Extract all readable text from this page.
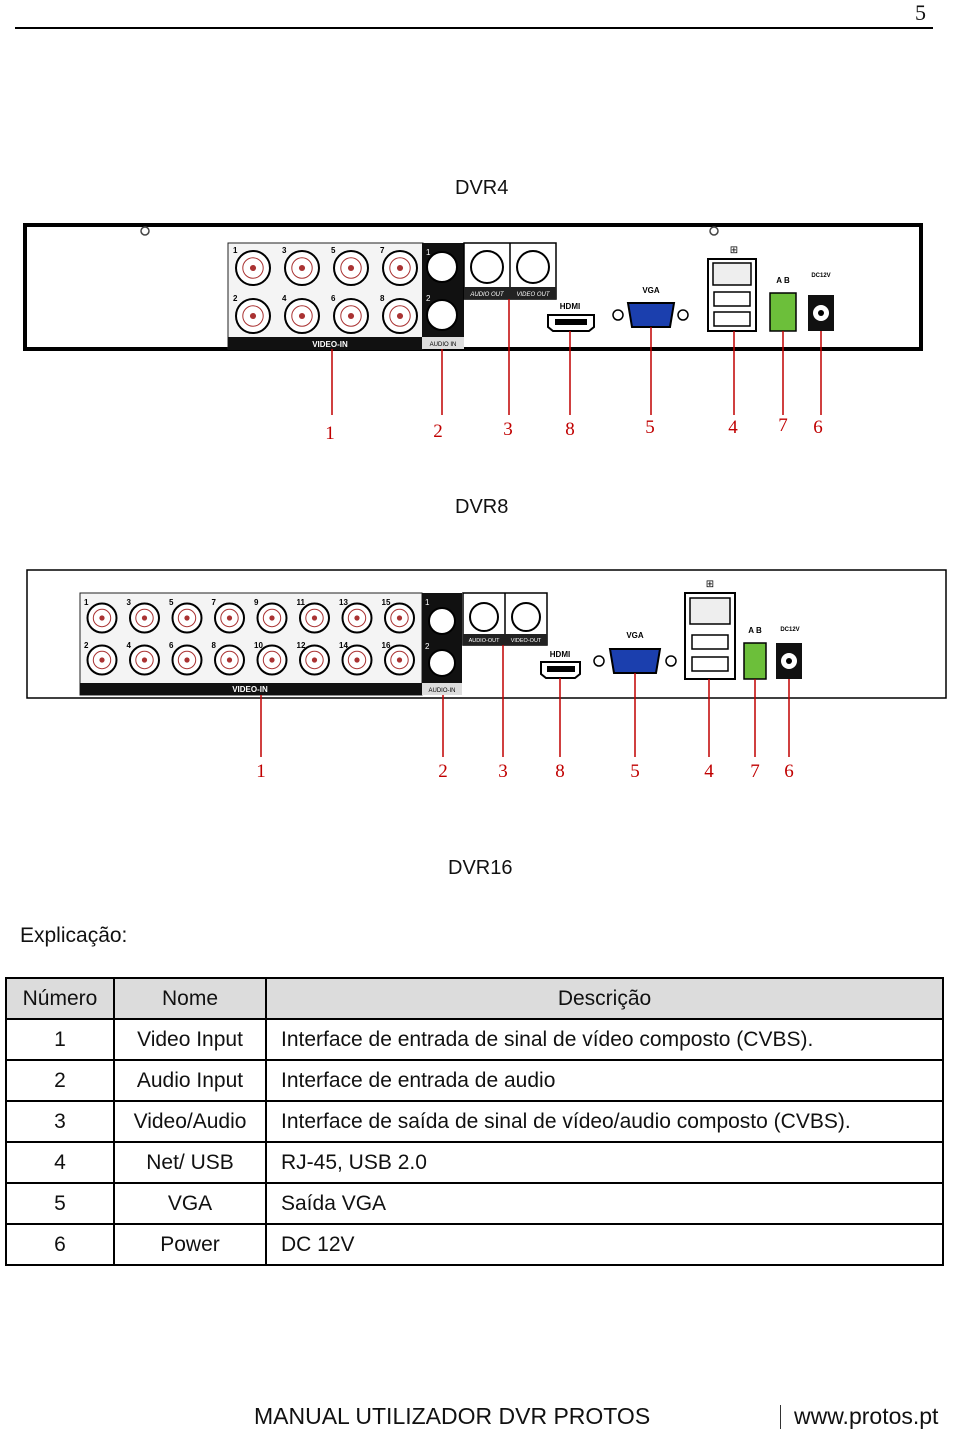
5
DVR4
VIDEO-IN
1
2
3
4
5
6
7
8
1
2
AUDIO IN
AUDIO OUT VIDEO OUT
HDMI
VGA
⊞
A B	DC12V
1	2	3	8	5	4 7 6
DVR8
VIDEO-IN
1
2
3
4
5
6
7
8
9
10
11
12
13
14
15
16
1
2
AUDIO-IN
AUDIO-OUT VIDEO-OUT
HDMI
VGA
⊞
A B	DC12V
1	2	3	8	5	4 7 6
DVR16
Explicação:
Número	Nome	Descrição
1	Video Input	Interface de entrada de sinal de vídeo composto (CVBS).
2	Audio Input	Interface de entrada de audio
3	Video/Audio	Interface de saída de sinal de vídeo/audio composto (CVBS).
4	Net/ USB	RJ-45, USB 2.0
5	VGA	Saída VGA
6	Power	DC 12V
MANUAL UTILIZADOR DVR PROTOS	www.protos.pt
